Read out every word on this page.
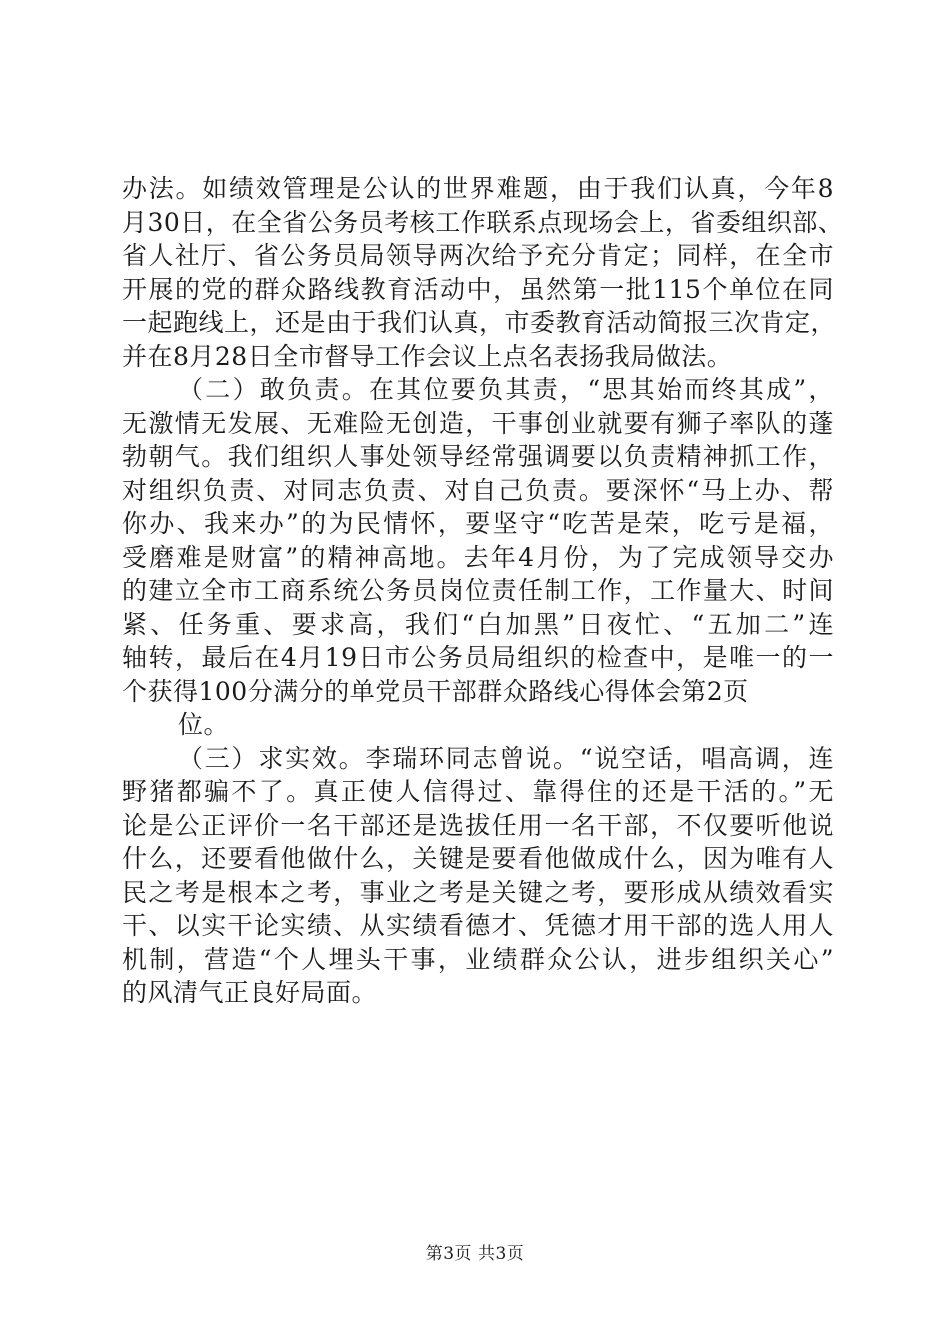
办法。如绩效管理是公认的世界难题，由于我们认真，今年8
月30日，在全省公务员考核工作联系点现场会上，省委组织部、
省人社厅、省公务员局领导两次给予充分肯定；同样，在全市
开展的党的群众路线教育活动中，虽然第一批115个单位在同
一起跑线上，还是由于我们认真，市委教育活动简报三次肯定，
并在8月28日全市督导工作会议上点名表扬我局做法。
（二）敢负责。在其位要负其责，“思其始而终其成”，
无激情无发展、无难险无创造，干事创业就要有狮子率队的蓬
勃朝气。我们组织人事处领导经常强调要以负责精神抓工作，
对组织负责、对同志负责、对自己负责。要深怀“马上办、帮
你办、我来办”的为民情怀，要坚守“吃苦是荣，吃亏是福，
受磨难是财富”的精神高地。去年4月份，为了完成领导交办
的建立全市工商系统公务员岗位责任制工作，工作量大、时间
紧、任务重、要求高，我们“白加黑”日夜忙、“五加二”连
轴转，最后在4月19日市公务员局组织的检查中，是唯一的一
个获得100分满分的单党员干部群众路线心得体会第2页
位。
（三）求实效。李瑞环同志曾说。“说空话，唱高调，连
野猪都骗不了。真正使人信得过、靠得住的还是干活的。”无
论是公正评价一名干部还是选拔任用一名干部，不仅要听他说
什么，还要看他做什么，关键是要看他做成什么，因为唯有人
民之考是根本之考，事业之考是关键之考，要形成从绩效看实
干、以实干论实绩、从实绩看德才、凭德才用干部的选人用人
机制，营造“个人埋头干事，业绩群众公认，进步组织关心”
的风清气正良好局面。
第3页 共3页
